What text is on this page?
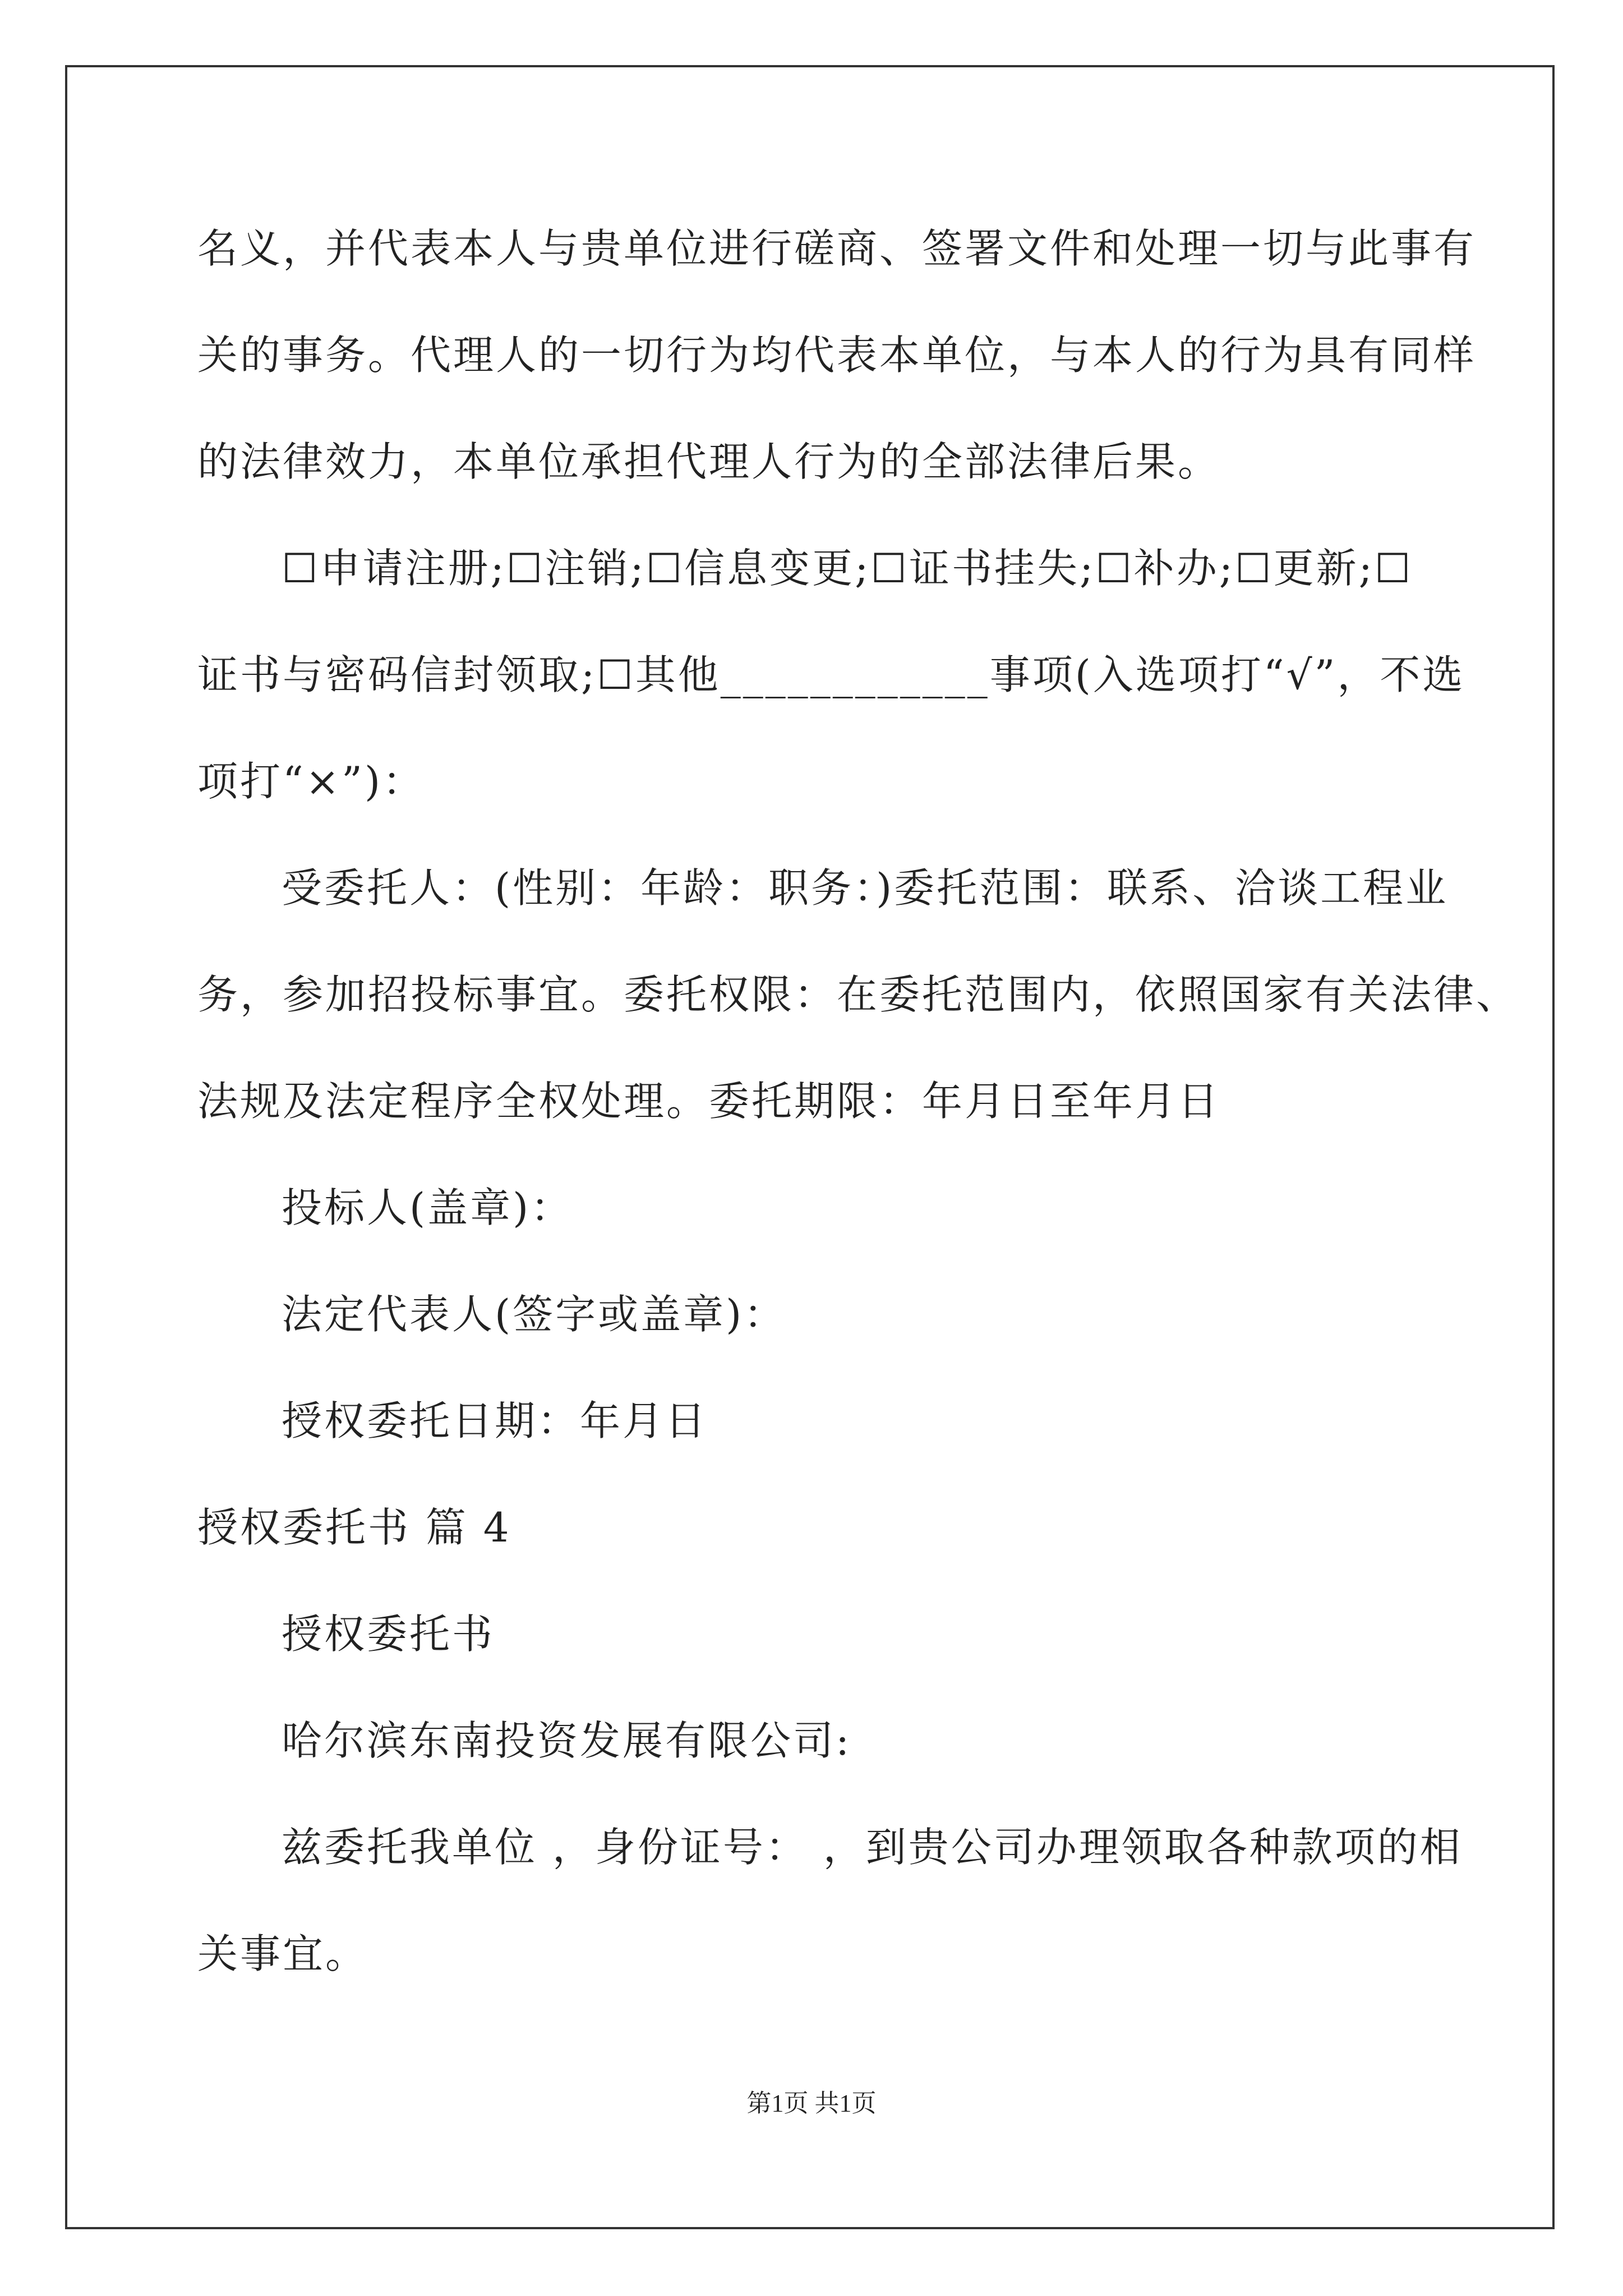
名义，并代表本人与贵单位进行磋商、签署文件和处理一切与此事有
关的事务。代理人的一切行为均代表本单位，与本人的行为具有同样
的法律效力，本单位承担代理人行为的全部法律后果。
☐申请注册;☐注销;☐信息变更;☐证书挂失;☐补办;☐更新;☐
证书与密码信封领取;☐其他____________事项(入选项打“√”，不选
项打“×”)：
受委托人：(性别：年龄：职务：)委托范围：联系、洽谈工程业
务，参加招投标事宜。委托权限：在委托范围内，依照国家有关法律、
法规及法定程序全权处理。委托期限：年月日至年月日
投标人(盖章)：
法定代表人(签字或盖章)：
授权委托日期：年月日
授权委托书 篇 4
授权委托书
哈尔滨东南投资发展有限公司:
兹委托我单位 ，身份证号： ，到贵公司办理领取各种款项的相
关事宜。
第1页 共1页
